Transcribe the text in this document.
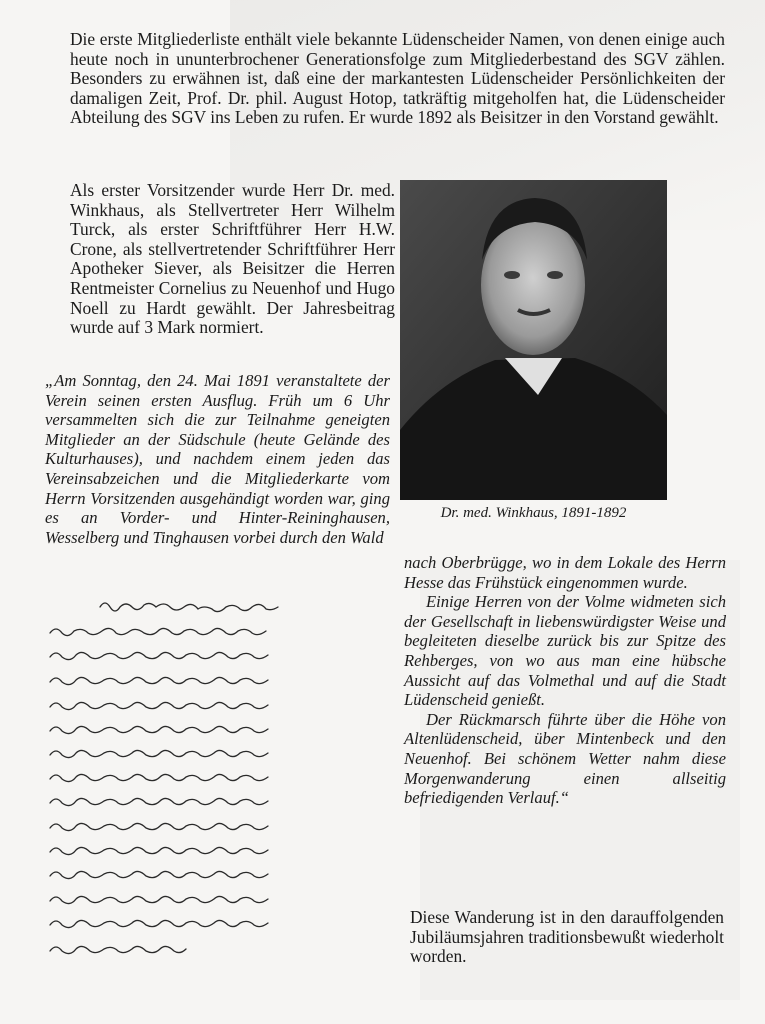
Die erste Mitgliederliste enthält viele bekannte Lüdenscheider Namen, von denen einige auch heute noch in ununterbrochener Generationsfolge zum Mitgliederbestand des SGV zählen. Besonders zu erwähnen ist, daß eine der markantesten Lüdenscheider Persönlichkeiten der damaligen Zeit, Prof. Dr. phil. August Hotop, tatkräftig mitgeholfen hat, die Lüdenscheider Abteilung des SGV ins Leben zu rufen. Er wurde 1892 als Beisitzer in den Vorstand gewählt.

Als erster Vorsitzender wurde Herr Dr. med. Winkhaus, als Stellvertreter Herr Wilhelm Turck, als erster Schriftführer Herr H.W. Crone, als stellvertretender Schriftführer Herr Apotheker Siever, als Beisitzer die Herren Rentmeister Cornelius zu Neuenhof und Hugo Noell zu Hardt gewählt. Der Jahresbeitrag wurde auf 3 Mark normiert.

„Am Sonntag, den 24. Mai 1891 veranstaltete der Verein seinen ersten Ausflug. Früh um 6 Uhr versammelten sich die zur Teilnahme geneigten Mitglieder an der Südschule (heute Gelände des Kulturhauses), und nachdem einem jeden das Vereinsabzeichen und die Mitgliederkarte vom Herrn Vorsitzenden ausgehändigt worden war, ging es an Vorder- und Hinter-Reininghausen, Wesselberg und Tinghausen vorbei durch den Wald

Dr. med. Winkhaus, 1891-1892

nach Oberbrügge, wo in dem Lokale des Herrn Hesse das Frühstück eingenommen wurde.

Einige Herren von der Volme widmeten sich der Gesellschaft in liebenswürdigster Weise und begleiteten dieselbe zurück bis zur Spitze des Rehberges, von wo aus man eine hübsche Aussicht auf das Volmethal und auf die Stadt Lüdenscheid genießt.

Der Rückmarsch führte über die Höhe von Altenlüdenscheid, über Mintenbeck und den Neuenhof. Bei schönem Wetter nahm diese Morgenwanderung einen allseitig befriedigenden Verlauf.“

Diese Wanderung ist in den darauffolgenden Jubiläumsjahren traditionsbewußt wiederholt worden.
